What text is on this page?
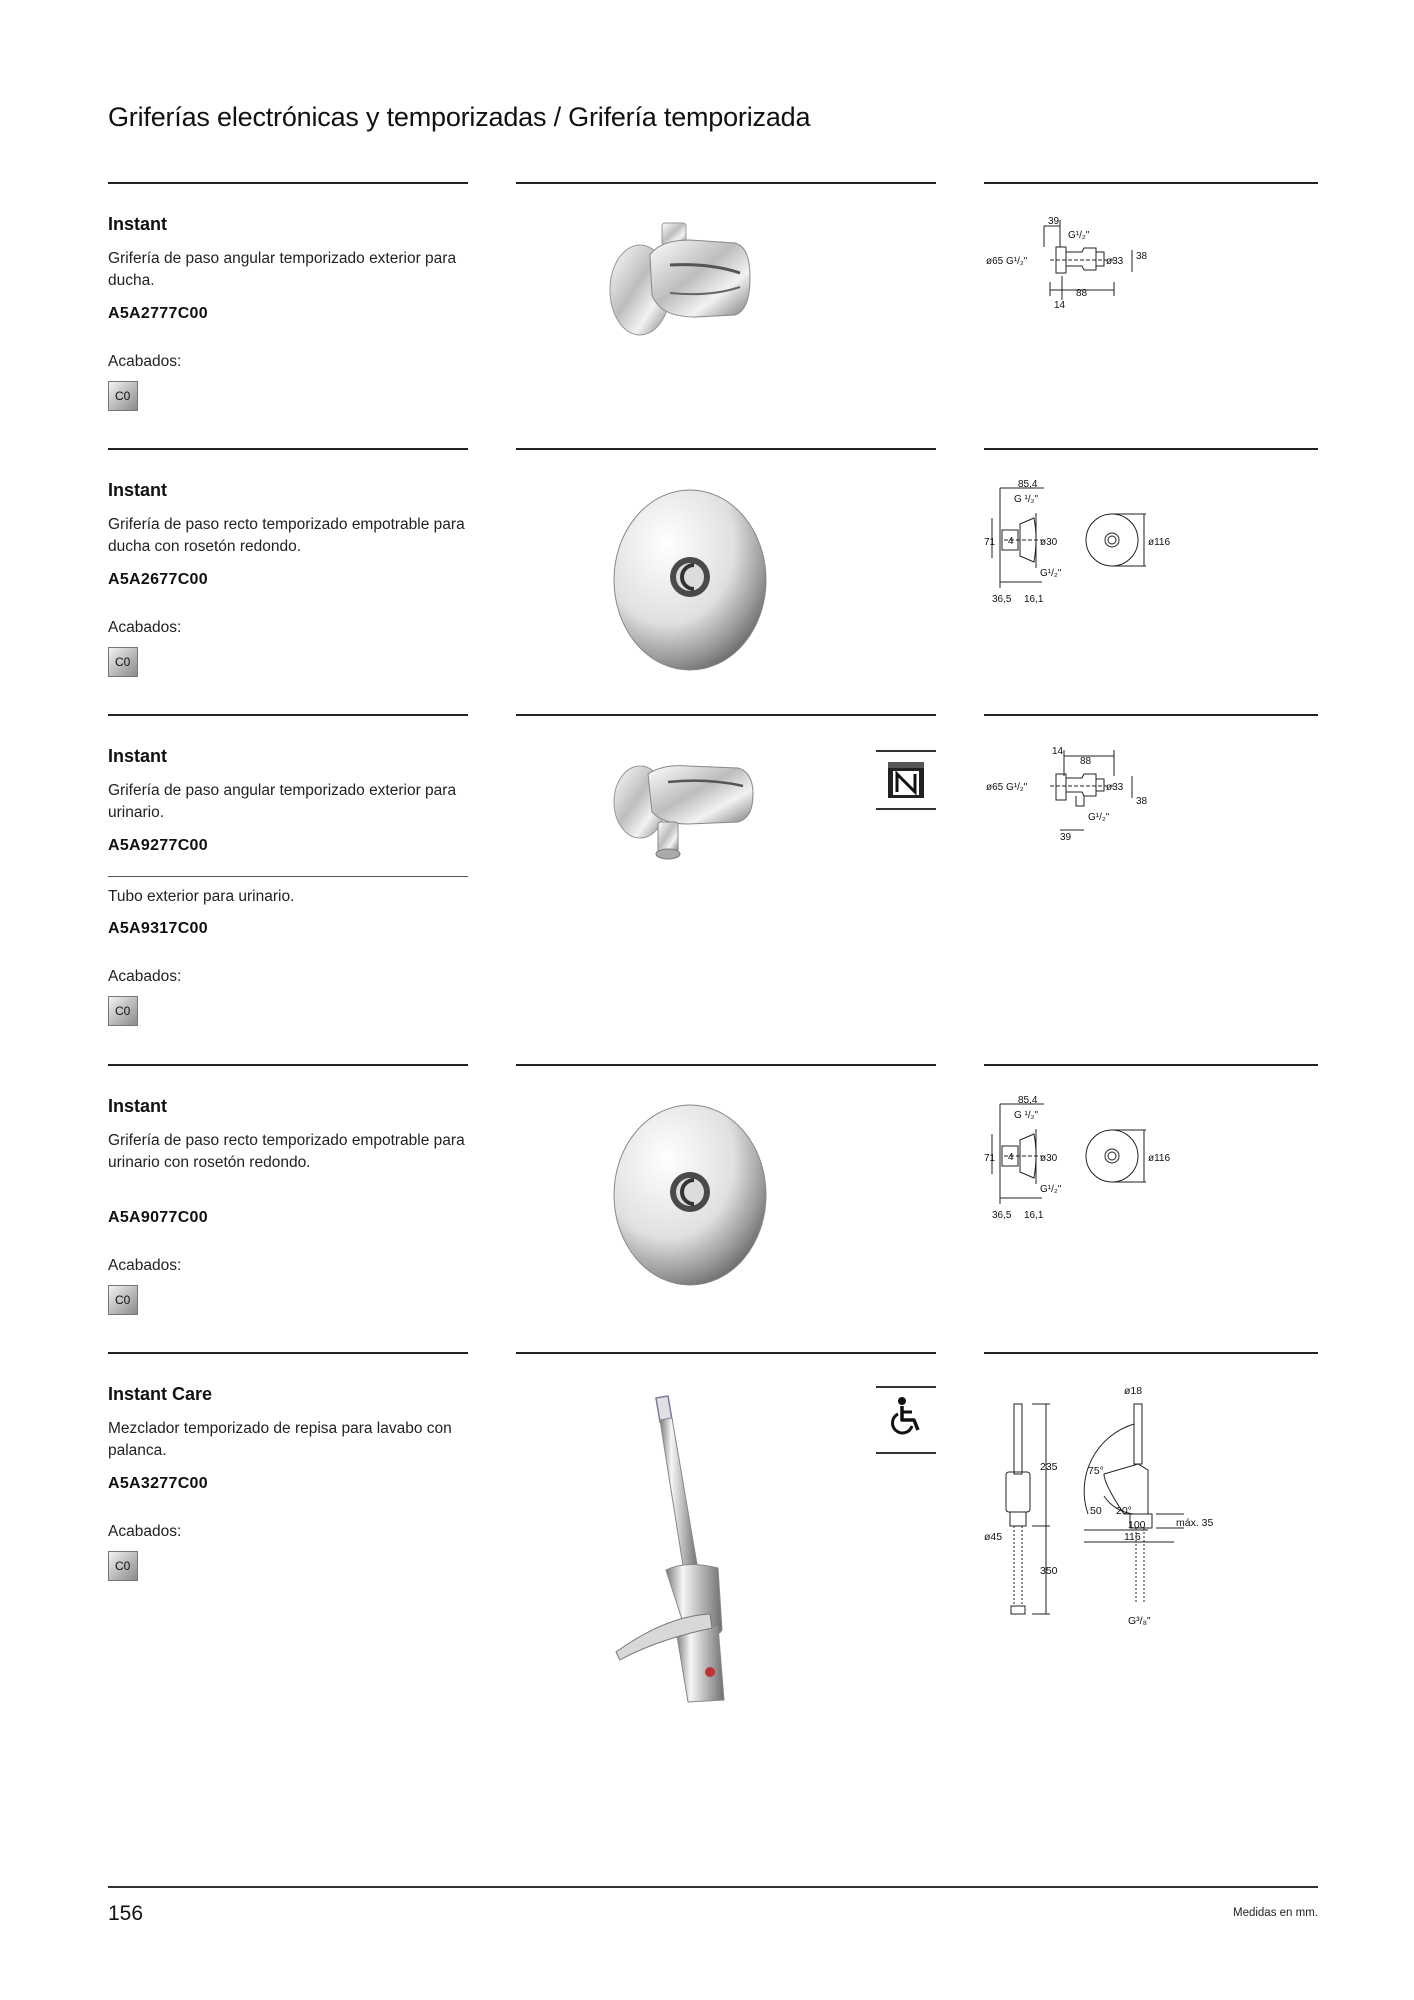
Griferías electrónicas y temporizadas / Grifería temporizada
Instant
Grifería de paso angular temporizado exterior para ducha.
A5A2777C00
Acabados:
C0
39
G¹/₂"
ø65 G¹/₂"	ø33 38
14
88
Instant
Grifería de paso recto temporizado empotrable para ducha con rosetón redondo.
A5A2677C00
Acabados:
C0
85,4
G ¹/₂"
71 4	ø30	ø116
G¹/₂"
36,5 16,1
Instant
Grifería de paso angular temporizado exterior para urinario.
A5A9277C00
Tubo exterior para urinario.
A5A9317C00
Acabados:
C0
14
88
ø65 G¹/₂"	ø33
38
G¹/₂"
39
Instant
Grifería de paso recto temporizado empotrable para urinario con rosetón redondo.
A5A9077C00
Acabados:
C0
85,4
G ¹/₂"
71 4	ø30	ø116
G¹/₂"
36,5 16,1
Instant Care
Mezclador temporizado de repisa para lavabo con palanca.
A5A3277C00
Acabados:
C0
ø18
235	75°
50 20°
100
116
máx. 35
ø45
350
G³/₈"
156	Medidas en mm.
